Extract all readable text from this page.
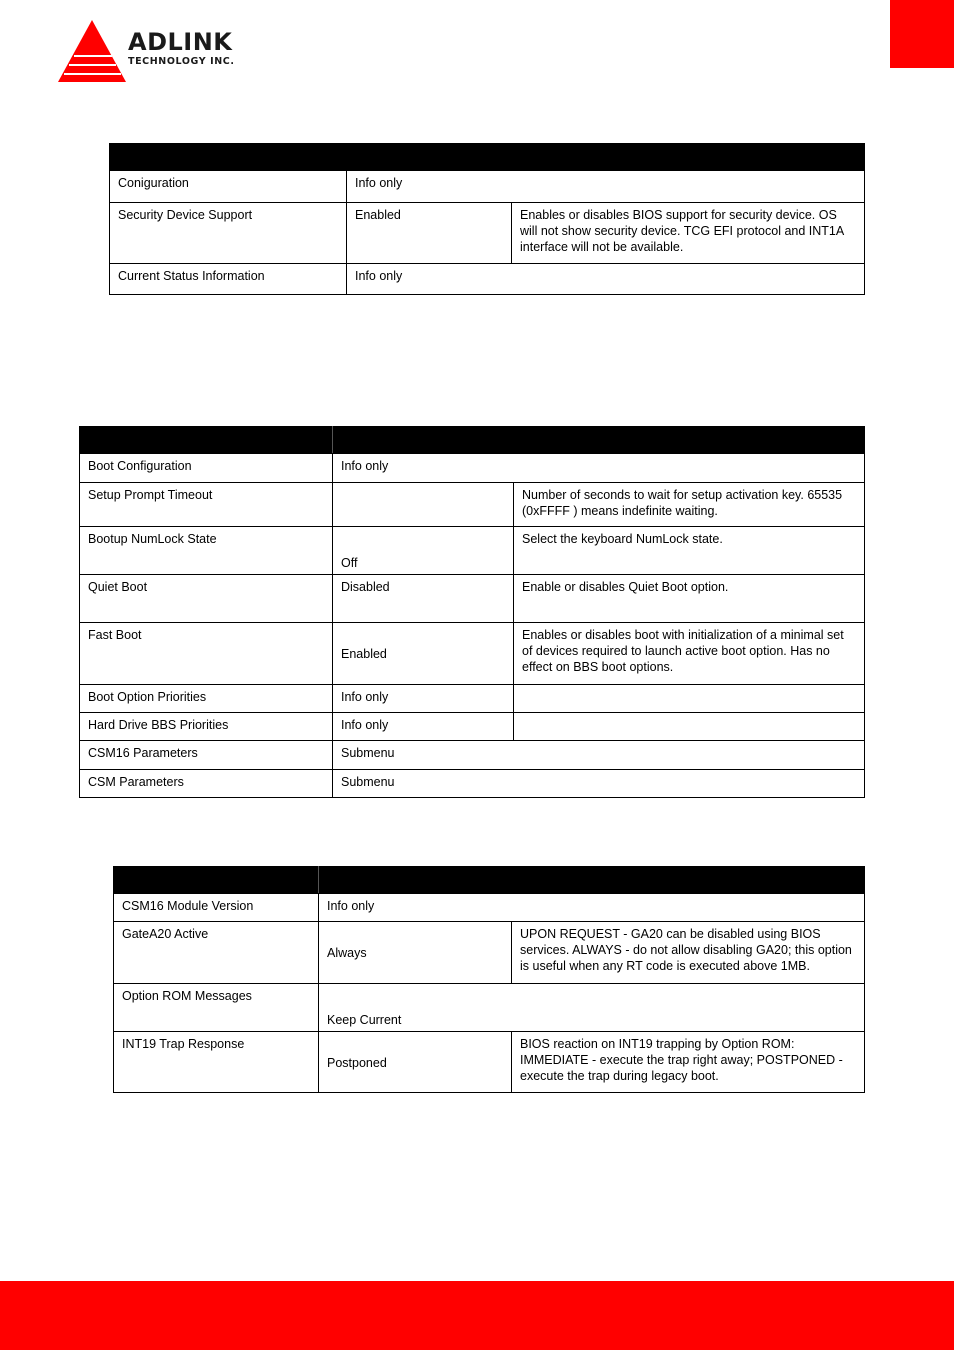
ADLINK
TECHNOLOGY INC.

Coniguration	Info only	
Security Device Support	Enabled	Enables or disables BIOS support for security device. OS will not show security device. TCG EFI protocol and INT1A interface will not be available.
Current Status Information	Info only	

Boot Configuration	Info only	
Setup Prompt Timeout		Number of seconds to wait for setup activation key. 65535 (0xFFFF ) means indefinite waiting.
Bootup NumLock State	Off	Select the keyboard NumLock state.
Quiet Boot	Disabled	Enable or disables Quiet Boot option.
Fast Boot	Enabled	Enables or disables boot with initialization of a minimal set of devices required to launch active boot option. Has no effect on BBS boot options.
Boot Option Priorities	Info only	
Hard Drive BBS Priorities	Info only	
CSM16 Parameters	Submenu	
CSM Parameters	Submenu	

CSM16 Module Version	Info only	
GateA20 Active	Always	UPON REQUEST - GA20 can be disabled using BIOS services. ALWAYS - do not allow disabling GA20; this option is useful when any RT code is executed above 1MB.
Option ROM Messages	Keep Current	
INT19 Trap Response	Postponed	BIOS reaction on INT19 trapping by Option ROM: IMMEDIATE - execute the trap right away; POSTPONED - execute the trap during legacy boot.
